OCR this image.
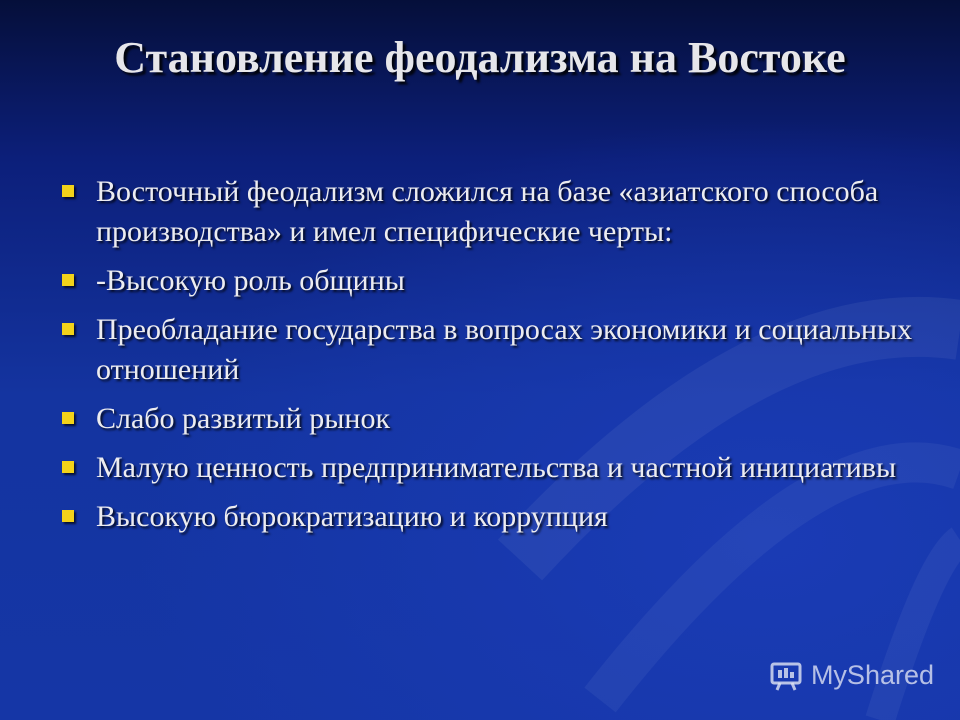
Становление феодализма на Востоке
Восточный феодализм сложился на базе «азиатского способа производства» и имел специфические черты:
-Высокую роль общины
Преобладание государства в вопросах экономики и социальных отношений
Слабо развитый рынок
Малую ценность предпринимательства и частной инициативы
Высокую бюрократизацию и коррупция
MyShared
